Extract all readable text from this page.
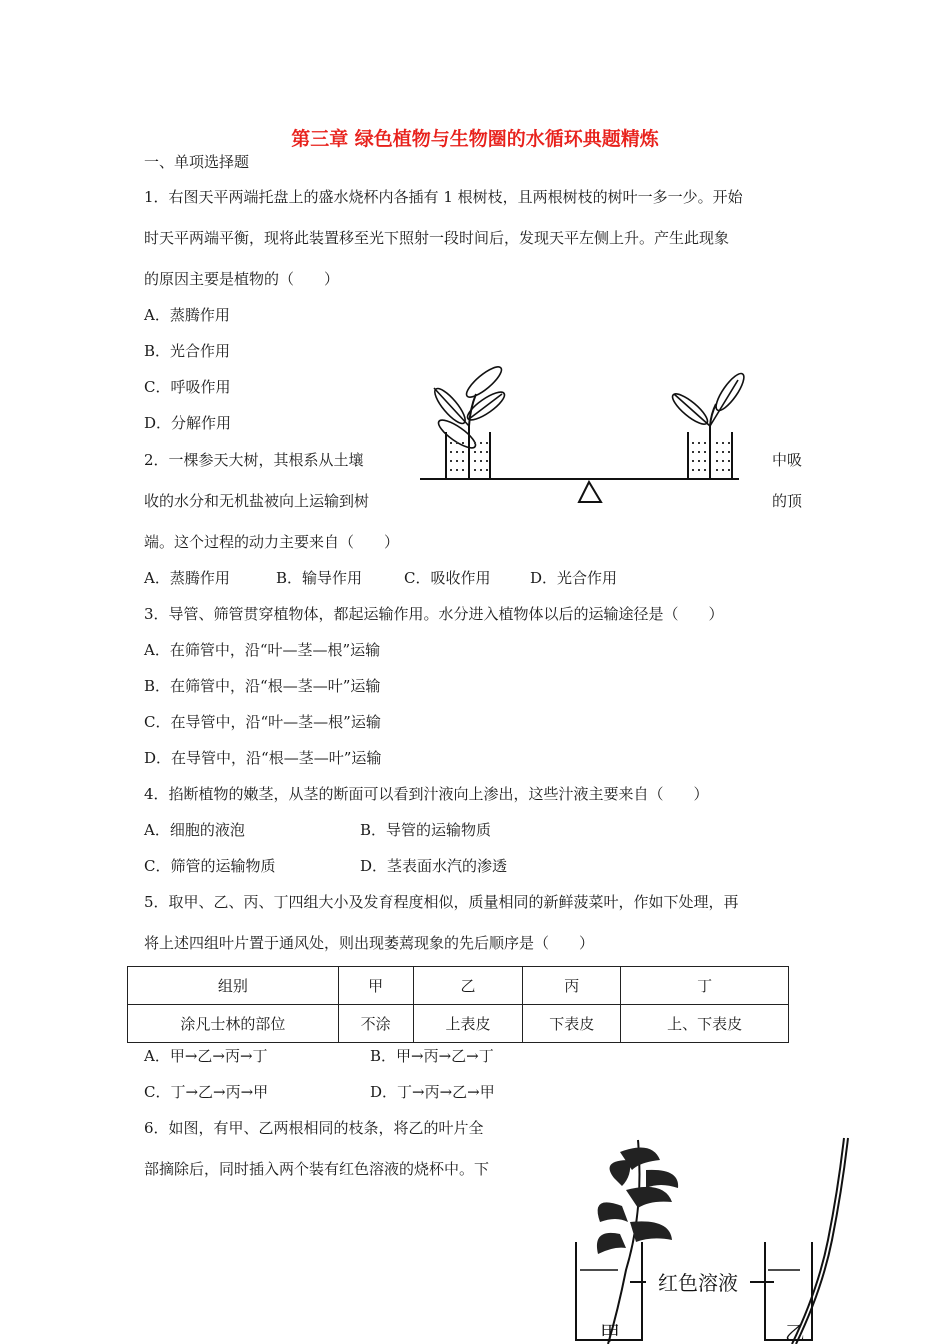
第三章 绿色植物与生物圈的水循环典题精炼
一、单项选择题
1．右图天平两端托盘上的盛水烧杯内各插有 1 根树枝，且两根树枝的树叶一多一少。开始
时天平两端平衡，现将此装置移至光下照射一段时间后，发现天平左侧上升。产生此现象
的原因主要是植物的（　　）
A．蒸腾作用
B．光合作用
C．呼吸作用
D．分解作用
2．一棵参天大树，其根系从土壤	中吸
收的水分和无机盐被向上运输到树	的顶
端。这个过程的动力主要来自（　　）
A．蒸腾作用	B．输导作用	C．吸收作用	D．光合作用
3．导管、筛管贯穿植物体，都起运输作用。水分进入植物体以后的运输途径是（　　）
A．在筛管中，沿“叶—茎—根”运输
B．在筛管中，沿“根—茎—叶”运输
C．在导管中，沿“叶—茎—根”运输
D．在导管中，沿“根—茎—叶”运输
4．掐断植物的嫩茎，从茎的断面可以看到汁液向上渗出，这些汁液主要来自（　　）
A．细胞的液泡	B．导管的运输物质
C．筛管的运输物质	D．茎表面水汽的渗透
5．取甲、乙、丙、丁四组大小及发育程度相似，质量相同的新鲜菠菜叶，作如下处理，再
将上述四组叶片置于通风处，则出现萎蔫现象的先后顺序是（　　）
组别	甲	乙	丙	丁
涂凡士林的部位	不涂	上表皮	下表皮	上、下表皮
A．甲→乙→丙→丁	B．甲→丙→乙→丁
C．丁→乙→丙→甲	D．丁→丙→乙→甲
6．如图，有甲、乙两根相同的枝条，将乙的叶片全
部摘除后，同时插入两个装有红色溶液的烧杯中。下
红色溶液
甲	乙
